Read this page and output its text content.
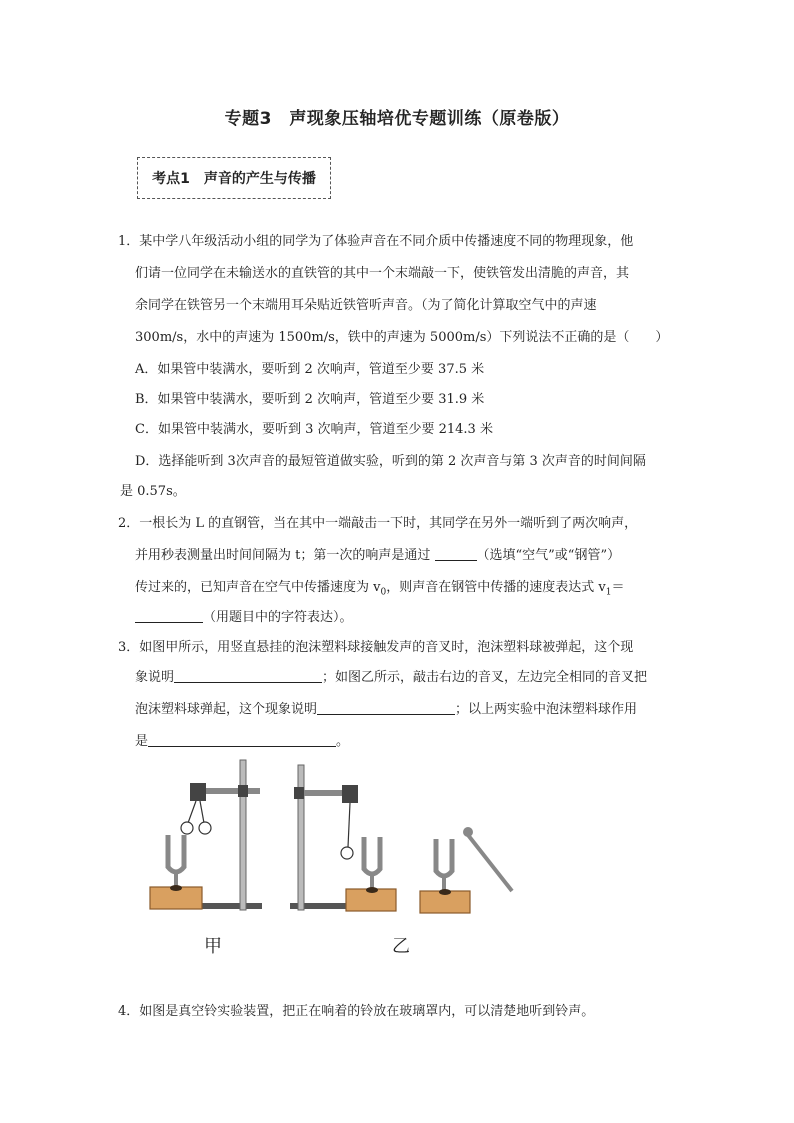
专题3　声现象压轴培优专题训练（原卷版）
考点1　声音的产生与传播
1．某中学八年级活动小组的同学为了体验声音在不同介质中传播速度不同的物理现象，他
们请一位同学在未输送水的直铁管的其中一个末端敲一下，使铁管发出清脆的声音，其
余同学在铁管另一个末端用耳朵贴近铁管听声音。（为了简化计算取空气中的声速
300m/s，水中的声速为 1500m/s，铁中的声速为 5000m/s）下列说法不正确的是（　　）
A．如果管中装满水，要听到 2 次响声，管道至少要 37.5 米
B．如果管中装满水，要听到 2 次响声，管道至少要 31.9 米
C．如果管中装满水，要听到 3 次响声，管道至少要 214.3 米
D．选择能听到 3次声音的最短管道做实验，听到的第 2 次声音与第 3 次声音的时间间隔
是 0.57s。
2．一根长为 L 的直钢管，当在其中一端敲击一下时，其同学在另外一端听到了两次响声，
并用秒表测量出时间间隔为 t；第一次的响声是通过	（选填“空气”或“钢管”）
传过来的，已知声音在空气中传播速度为 $v_0$，则声音在钢管中传播的速度表达式 $v_1=$
（用题目中的字符表达）。
3．如图甲所示，用竖直悬挂的泡沫塑料球接触发声的音叉时，泡沫塑料球被弹起，这个现
象说明	；如图乙所示，敲击右边的音叉，左边完全相同的音叉把
泡沫塑料球弹起，这个现象说明	；以上两实验中泡沫塑料球作用
是	。
甲	乙
4．如图是真空铃实验装置，把正在响着的铃放在玻璃罩内，可以清楚地听到铃声。
